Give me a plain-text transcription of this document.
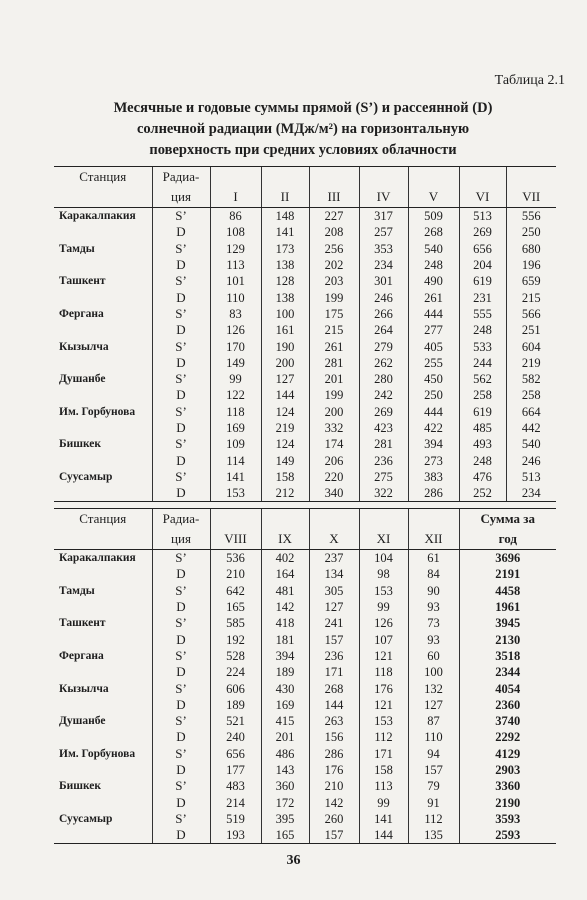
Таблица 2.1
Месячные и годовые суммы прямой (S’) и рассеянной (D)
солнечной радиации (МДж/м²) на горизонтальную
поверхность при средних условиях облачности
Станция	Радиа-							
	ция	I	II	III	IV	V	VI	VII
Каракалпакия	S’	86	148	227	317	509	513	556
	D	108	141	208	257	268	269	250
Тамды	S’	129	173	256	353	540	656	680
	D	113	138	202	234	248	204	196
Ташкент	S’	101	128	203	301	490	619	659
	D	110	138	199	246	261	231	215
Фергана	S’	83	100	175	266	444	555	566
	D	126	161	215	264	277	248	251
Кызылча	S’	170	190	261	279	405	533	604
	D	149	200	281	262	255	244	219
Душанбе	S’	99	127	201	280	450	562	582
	D	122	144	199	242	250	258	258
Им. Горбунова	S’	118	124	200	269	444	619	664
	D	169	219	332	423	422	485	442
Бишкек	S’	109	124	174	281	394	493	540
	D	114	149	206	236	273	248	246
Суусамыр	S’	141	158	220	275	383	476	513
	D	153	212	340	322	286	252	234
Станция	Радиа-						Сумма за
	ция	VIII	IX	X	XI	XII	год
Каракалпакия	S’	536	402	237	104	61	3696
	D	210	164	134	98	84	2191
Тамды	S’	642	481	305	153	90	4458
	D	165	142	127	99	93	1961
Ташкент	S’	585	418	241	126	73	3945
	D	192	181	157	107	93	2130
Фергана	S’	528	394	236	121	60	3518
	D	224	189	171	118	100	2344
Кызылча	S’	606	430	268	176	132	4054
	D	189	169	144	121	127	2360
Душанбе	S’	521	415	263	153	87	3740
	D	240	201	156	112	110	2292
Им. Горбунова	S’	656	486	286	171	94	4129
	D	177	143	176	158	157	2903
Бишкек	S’	483	360	210	113	79	3360
	D	214	172	142	99	91	2190
Суусамыр	S’	519	395	260	141	112	3593
	D	193	165	157	144	135	2593
36
